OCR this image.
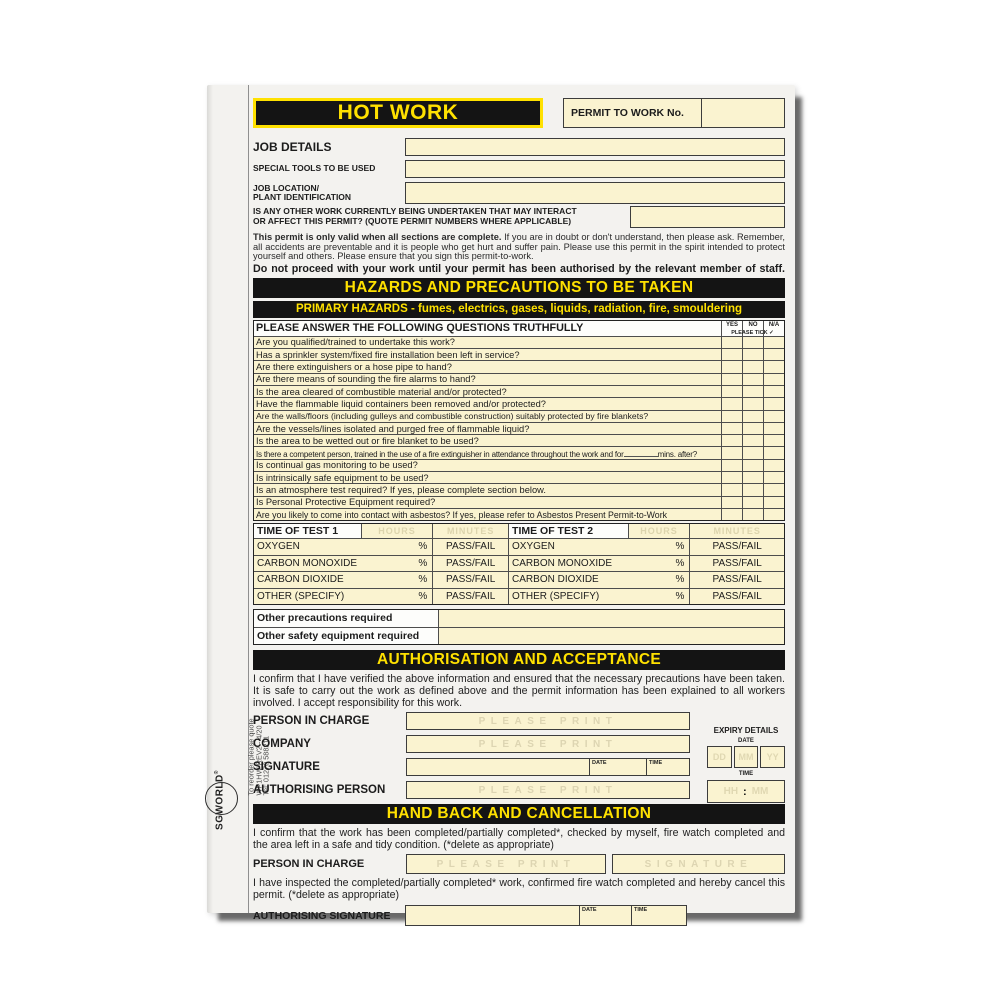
To reorder please quote
WP1HW-REV2 - 4/20
Tel: 01270 588211
SGWORLD®
HOT WORK	PERMIT TO WORK No.
JOB DETAILS
SPECIAL TOOLS TO BE USED
JOB LOCATION/
PLANT IDENTIFICATION
IS ANY OTHER WORK CURRENTLY BEING UNDERTAKEN THAT MAY INTERACT
OR AFFECT THIS PERMIT? (QUOTE PERMIT NUMBERS WHERE APPLICABLE)
This permit is only valid when all sections are complete. If you are in doubt or don't understand, then please ask. Remember, all accidents are preventable and it is people who get hurt and suffer pain. Please use this permit in the spirit intended to protect yourself and others. Please ensure that you sign this permit-to-work.
Do not proceed with your work until your permit has been authorised by the relevant member of staff.
HAZARDS AND PRECAUTIONS TO BE TAKEN
PRIMARY HAZARDS - fumes, electrics, gases, liquids, radiation, fire, smouldering
PLEASE ANSWER THE FOLLOWING QUESTIONS TRUTHFULLY	YES	NO	N/A
PLEASE TICK ✓
Are you qualified/trained to undertake this work?
Has a sprinkler system/fixed fire installation been left in service?
Are there extinguishers or a hose pipe to hand?
Are there means of sounding the fire alarms to hand?
Is the area cleared of combustible material and/or protected?
Have the flammable liquid containers been removed and/or protected?
Are the walls/floors (including gulleys and combustible construction) suitably protected by fire blankets?
Are the vessels/lines isolated and purged free of flammable liquid?
Is the area to be wetted out or fire blanket to be used?
Is there a competent person, trained in the use of a fire extinguisher in attendance throughout the work and for	mins. after?
Is continual gas monitoring to be used?
Is intrinsically safe equipment to be used?
Is an atmosphere test required? If yes, please complete section below.
Is Personal Protective Equipment required?
Are you likely to come into contact with asbestos? If yes, please refer to Asbestos Present Permit-to-Work
TIME OF TEST 1	HOURS	MINUTES	TIME OF TEST 2	HOURS	MINUTES
OXYGEN	%	PASS/FAIL	OXYGEN	%	PASS/FAIL
CARBON MONOXIDE	%	PASS/FAIL	CARBON MONOXIDE	%	PASS/FAIL
CARBON DIOXIDE	%	PASS/FAIL	CARBON DIOXIDE	%	PASS/FAIL
OTHER (SPECIFY)	%	PASS/FAIL	OTHER (SPECIFY)	%	PASS/FAIL
Other precautions required
Other safety equipment required
AUTHORISATION AND ACCEPTANCE
I confirm that I have verified the above information and ensured that the necessary precautions have been taken. It is safe to carry out the work as defined above and the permit information has been explained to all workers involved. I accept responsibility for this work.
PERSON IN CHARGE	PLEASE PRINT
COMPANY	PLEASE PRINT
SIGNATURE	DATE	TIME
AUTHORISING PERSON	PLEASE PRINT
EXPIRY DETAILS
DATE
DD	MM	YY
TIME
HH : MM
HAND BACK AND CANCELLATION
I confirm that the work has been completed/partially completed*, checked by myself, fire watch completed and the area left in a safe and tidy condition. (*delete as appropriate)
PERSON IN CHARGE	PLEASE PRINT	SIGNATURE
I have inspected the completed/partially completed* work, confirmed fire watch completed and hereby cancel this permit. (*delete as appropriate)
AUTHORISING SIGNATURE	DATE	TIME
